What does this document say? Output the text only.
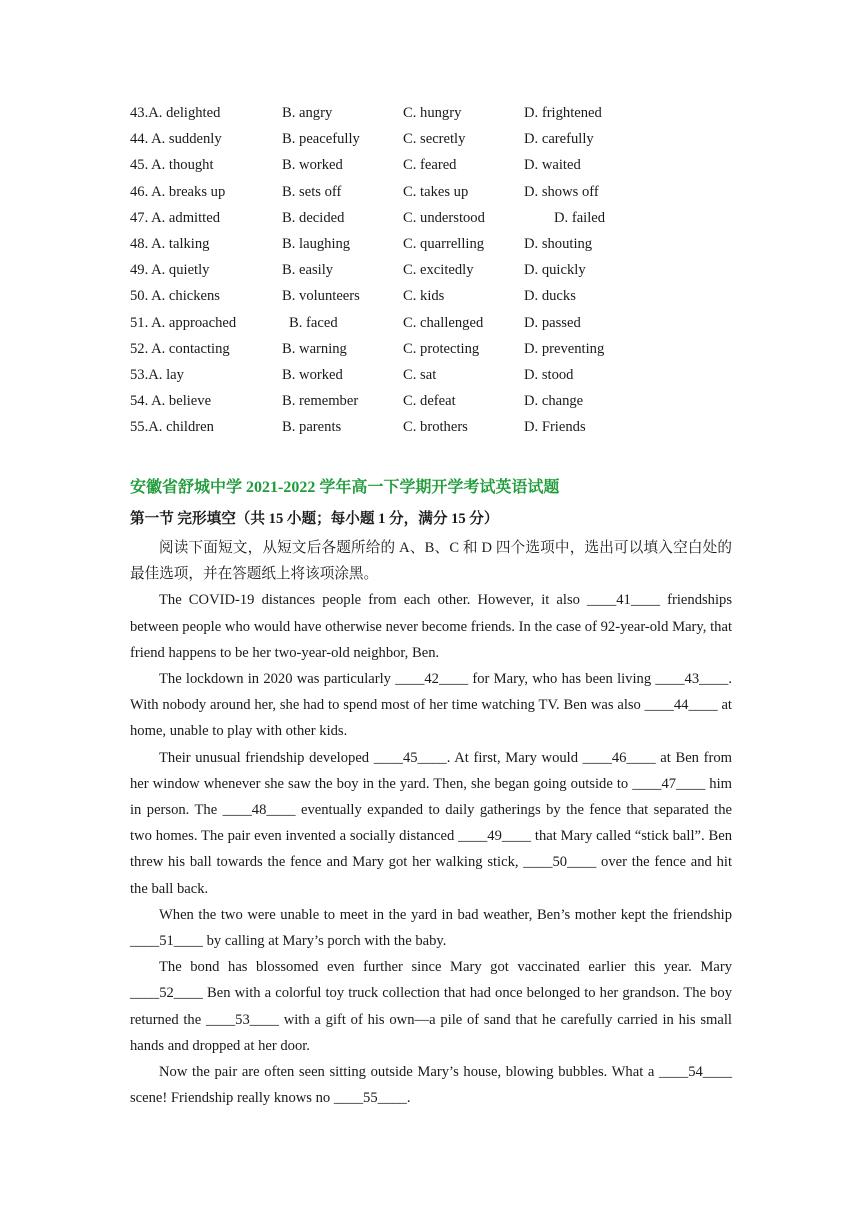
43.A. delighted	B. angry	C. hungry	D. frightened
44. A. suddenly	B. peacefully	C. secretly	D. carefully
45. A. thought	B. worked	C. feared	D. waited
46. A. breaks up	B. sets off	C. takes up	D. shows off
47. A. admitted	B. decided	C. understood	D. failed
48. A. talking	B. laughing	C. quarrelling	D. shouting
49. A. quietly	B. easily	C. excitedly	D. quickly
50. A. chickens	B. volunteers	C. kids	D. ducks
51. A. approached	B. faced	C. challenged	D. passed
52. A. contacting	B. warning	C. protecting	D. preventing
53.A. lay	B. worked	C. sat	D. stood
54. A. believe	B. remember	C. defeat	D. change
55.A. children	B. parents	C. brothers	D. Friends
安徽省舒城中学 2021-2022 学年高一下学期开学考试英语试题
第一节 完形填空（共 15 小题；每小题 1 分，满分 15 分）

阅读下面短文，从短文后各题所给的 A、B、C 和 D 四个选项中，选出可以填入空白处的最佳选项，并在答题纸上将该项涂黑。

The COVID-19 distances people from each other. However, it also ____41____ friendships between people who would have otherwise never become friends. In the case of 92-year-old Mary, that friend happens to be her two-year-old neighbor, Ben.

The lockdown in 2020 was particularly ____42____ for Mary, who has been living ____43____. With nobody around her, she had to spend most of her time watching TV. Ben was also ____44____ at home, unable to play with other kids.

Their unusual friendship developed ____45____. At first, Mary would ____46____ at Ben from her window whenever she saw the boy in the yard. Then, she began going outside to ____47____ him in person. The ____48____ eventually expanded to daily gatherings by the fence that separated the two homes. The pair even invented a socially distanced ____49____ that Mary called “stick ball”. Ben threw his ball towards the fence and Mary got her walking stick, ____50____ over the fence and hit the ball back.

When the two were unable to meet in the yard in bad weather, Ben’s mother kept the friendship ____51____ by calling at Mary’s porch with the baby.

The bond has blossomed even further since Mary got vaccinated earlier this year. Mary ____52____ Ben with a colorful toy truck collection that had once belonged to her grandson. The boy returned the ____53____ with a gift of his own—a pile of sand that he carefully carried in his small hands and dropped at her door.

Now the pair are often seen sitting outside Mary’s house, blowing bubbles. What a ____54____ scene! Friendship really knows no ____55____.
